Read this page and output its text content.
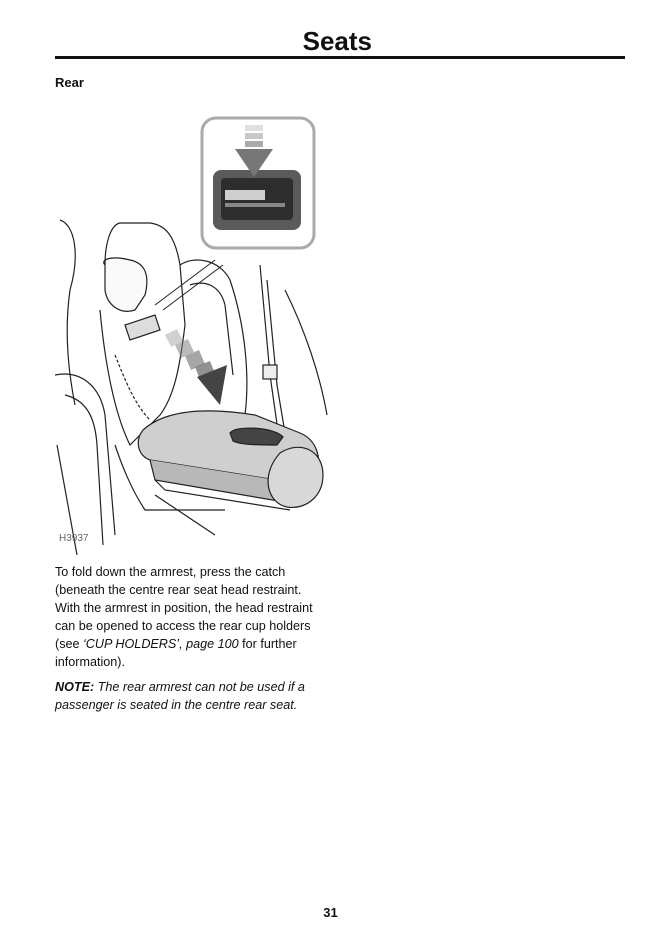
Seats
Rear
H3937

To fold down the armrest, press the catch (beneath the centre rear seat head restraint. With the armrest in position, the head restraint can be opened to access the rear cup holders (see ‘CUP HOLDERS’, page 100 for further information).

NOTE: The rear armrest can not be used if a passenger is seated in the centre rear seat.

31
